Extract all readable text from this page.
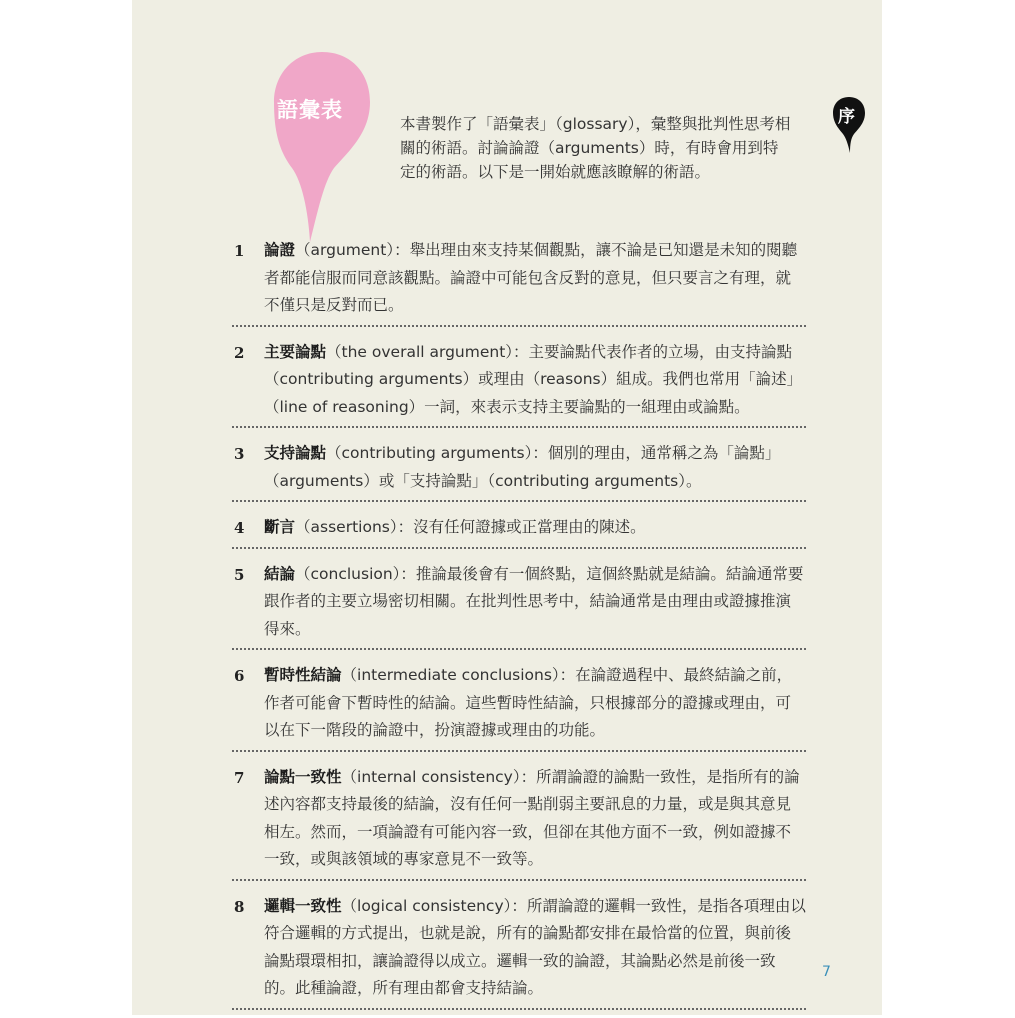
語彙表
本書製作了「語彙表」（glossary），彙整與批判性思考相關的術語。討論論證（arguments）時，有時會用到特定的術語。以下是一開始就應該瞭解的術語。
序
1 論證（argument）：舉出理由來支持某個觀點，讓不論是已知還是未知的閱聽者都能信服而同意該觀點。論證中可能包含反對的意見，但只要言之有理，就不僅只是反對而已。
2 主要論點（the overall argument）：主要論點代表作者的立場，由支持論點（contributing arguments）或理由（reasons）組成。我們也常用「論述」（line of reasoning）一詞，來表示支持主要論點的一組理由或論點。
3 支持論點（contributing arguments）：個別的理由，通常稱之為「論點」（arguments）或「支持論點」（contributing arguments）。
4 斷言（assertions）：沒有任何證據或正當理由的陳述。
5 結論（conclusion）：推論最後會有一個終點，這個終點就是結論。結論通常要跟作者的主要立場密切相關。在批判性思考中，結論通常是由理由或證據推演得來。
6 暫時性結論（intermediate conclusions）：在論證過程中、最終結論之前，作者可能會下暫時性的結論。這些暫時性結論，只根據部分的證據或理由，可以在下一階段的論證中，扮演證據或理由的功能。
7 論點一致性（internal consistency）：所謂論證的論點一致性，是指所有的論述內容都支持最後的結論，沒有任何一點削弱主要訊息的力量，或是與其意見相左。然而，一項論證有可能內容一致，但卻在其他方面不一致，例如證據不一致，或與該領域的專家意見不一致等。
8 邏輯一致性（logical consistency）：所謂論證的邏輯一致性，是指各項理由以符合邏輯的方式提出，也就是說，所有的論點都安排在最恰當的位置，與前後論點環環相扣，讓論證得以成立。邏輯一致的論證，其論點必然是前後一致的。此種論證，所有理由都會支持結論。
7
